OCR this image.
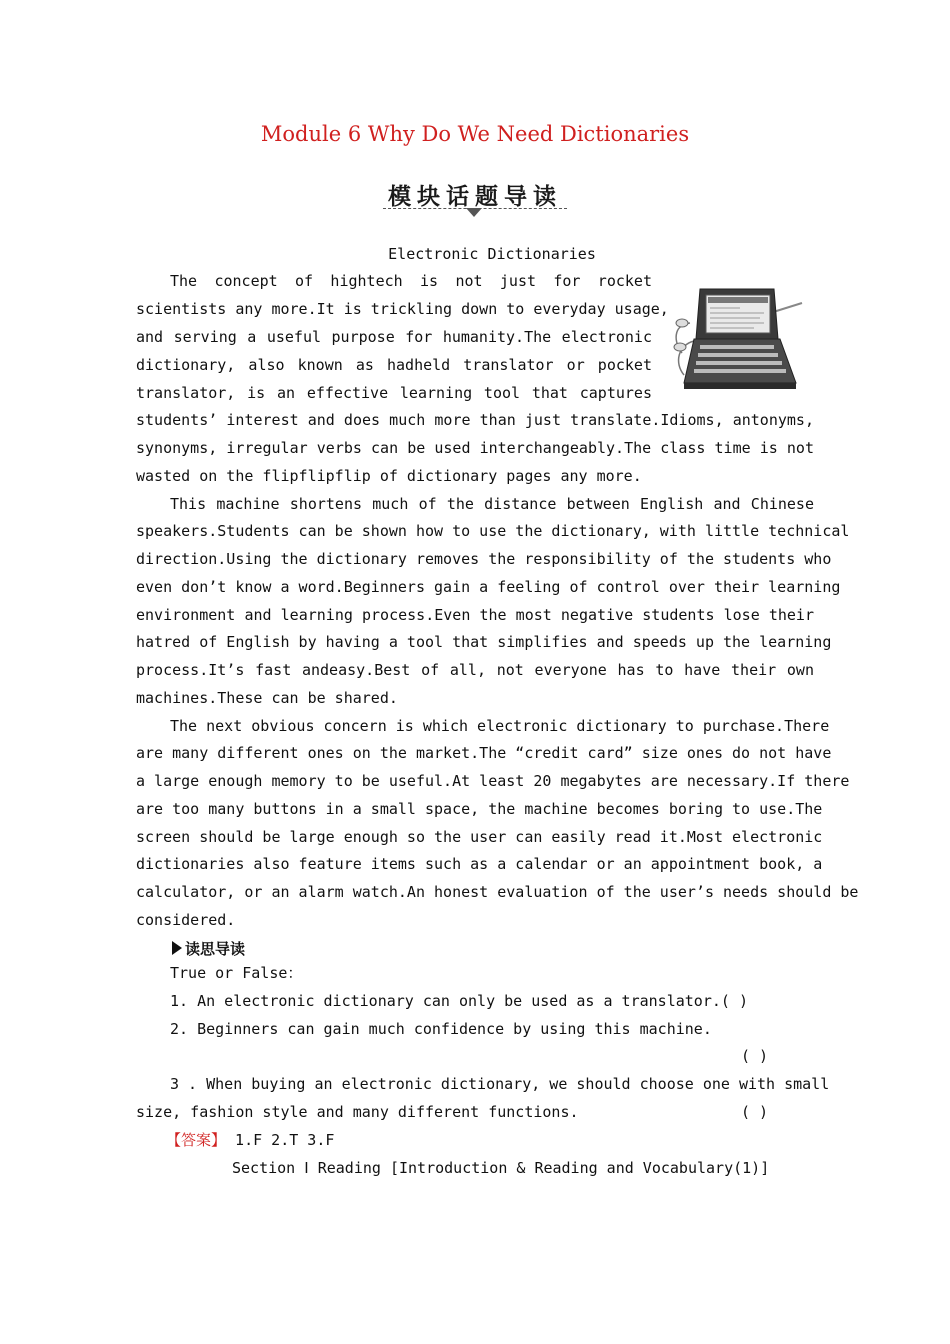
Module 6 Why Do We Need Dictionaries
模块话题导读
Electronic Dictionaries
The concept of hightech is not just for rocket
scientists any more.It is trickling down to everyday usage,
and serving a useful purpose for humanity.The electronic
dictionary, also known as hadheld translator or pocket
translator, is an effective learning tool that captures
students’ interest and does much more than just translate.Idioms, antonyms,
synonyms, irregular verbs can be used interchangeably.The class time is not
wasted on the flipflipflip of dictionary pages any more.
This machine shortens much of the distance between English and Chinese
speakers.Students can be shown how to use the dictionary, with little technical
direction.Using the dictionary removes the responsibility of the students who
even don’t know a word.Beginners gain a feeling of control over their learning
environment and learning process.Even the most negative students lose their
hatred of English by having a tool that simplifies and speeds up the learning
process.It’s fast andeasy.Best of all, not everyone has to have their own
machines.These can be shared.
The next obvious concern is which electronic dictionary to purchase.There
are many different ones on the market.The “credit card” size ones do not have
a large enough memory to be useful.At least 20 megabytes are necessary.If there
are too many buttons in a small space, the machine becomes boring to use.The
screen should be large enough so the user can easily read it.Most electronic
dictionaries also feature items such as a calendar or an appointment book, a
calculator, or an alarm watch.An honest evaluation of the user’s needs should be
considered.
读思导读
True or False：
1. An electronic dictionary can only be used as a translator.( )
2. Beginners can gain much confidence by using this machine.
( )
3 . When buying an electronic dictionary, we should choose one with small
size, fashion style and many different functions.	( )
【答案】 1.F 2.T 3.F
Section Ⅰ Reading [Introduction & Reading and Vocabulary(1)]
